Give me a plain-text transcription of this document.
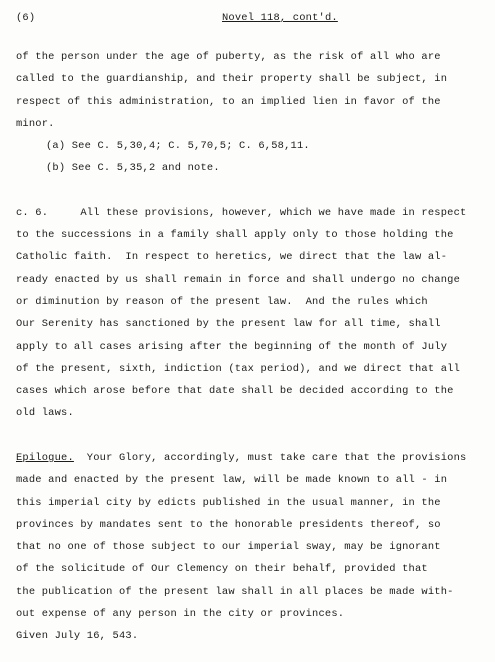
(6)	Novel 118, cont'd.
of the person under the age of puberty, as the risk of all who are
called to the guardianship, and their property shall be subject, in
respect of this administration, to an implied lien in favor of the
minor.
(a) See C. 5,30,4; C. 5,70,5; C. 6,58,11.
(b) See C. 5,35,2 and note.
c. 6.     All these provisions, however, which we have made in respect
to the successions in a family shall apply only to those holding the
Catholic faith.  In respect to heretics, we direct that the law al-
ready enacted by us shall remain in force and shall undergo no change
or diminution by reason of the present law.  And the rules which
Our Serenity has sanctioned by the present law for all time, shall
apply to all cases arising after the beginning of the month of July
of the present, sixth, indiction (tax period), and we direct that all
cases which arose before that date shall be decided according to the
old laws.
Epilogue.  Your Glory, accordingly, must take care that the provisions
made and enacted by the present law, will be made known to all - in
this imperial city by edicts published in the usual manner, in the
provinces by mandates sent to the honorable presidents thereof, so
that no one of those subject to our imperial sway, may be ignorant
of the solicitude of Our Clemency on their behalf, provided that
the publication of the present law shall in all places be made with-
out expense of any person in the city or provinces.
Given July 16, 543.
